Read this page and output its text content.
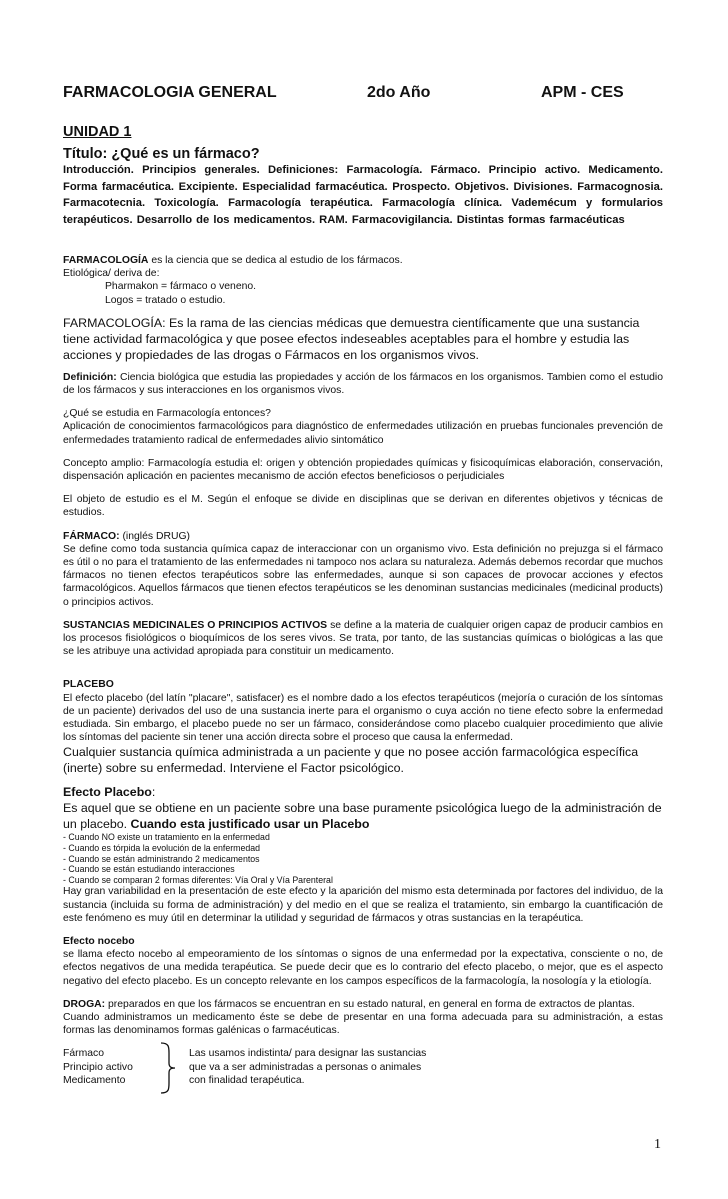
FARMACOLOGIA GENERAL	2do Año	APM - CES
UNIDAD 1
Título: ¿Qué es un fármaco?

Introducción. Principios generales. Definiciones: Farmacología. Fármaco. Principio activo. Medicamento. Forma farmacéutica. Excipiente. Especialidad farmacéutica. Prospecto. Objetivos. Divisiones. Farmacognosia. Farmacotecnia. Toxicología. Farmacología terapéutica. Farmacología clínica. Vademécum y formularios terapéuticos. Desarrollo de los medicamentos. RAM. Farmacovigilancia. Distintas formas farmacéuticas

FARMACOLOGÍA es la ciencia que se dedica al estudio de los fármacos.

Etiológica/ deriva de:

Pharmakon = fármaco o veneno.

Logos = tratado o estudio.

FARMACOLOGÍA: Es la rama de las ciencias médicas que demuestra científicamente que una sustancia tiene actividad farmacológica y que posee efectos indeseables aceptables para el hombre y estudia las acciones y propiedades de las drogas o Fármacos en los organismos vivos.

Definición: Ciencia biológica que estudia las propiedades y acción de los fármacos en los organismos. Tambien como el estudio de los fármacos y sus interacciones en los organismos vivos.

¿Qué se estudia en Farmacología entonces?

Aplicación de conocimientos farmacológicos para diagnóstico de enfermedades utilización en pruebas funcionales prevención de enfermedades tratamiento radical de enfermedades alivio sintomático

Concepto amplio: Farmacología estudia el: origen y obtención propiedades químicas y fisicoquímicas elaboración, conservación, dispensación aplicación en pacientes mecanismo de acción efectos beneficiosos o perjudiciales

El objeto de estudio es el M. Según el enfoque se divide en disciplinas que se derivan en diferentes objetivos y técnicas de estudios.

FÁRMACO: (inglés DRUG)

Se define como toda sustancia química capaz de interaccionar con un organismo vivo. Esta definición no prejuzga si el fármaco es útil o no para el tratamiento de las enfermedades ni tampoco nos aclara su naturaleza. Además debemos recordar que muchos fármacos no tienen efectos terapéuticos sobre las enfermedades, aunque si son capaces de provocar acciones y efectos farmacológicos. Aquellos fármacos que tienen efectos terapéuticos se les denominan sustancias medicinales (medicinal products) o principios activos.

SUSTANCIAS MEDICINALES O PRINCIPIOS ACTIVOS se define a la materia de cualquier origen capaz de producir cambios en los procesos fisiológicos o bioquímicos de los seres vivos. Se trata, por tanto, de las sustancias químicas o biológicas a las que se les atribuye una actividad apropiada para constituir un medicamento.

PLACEBO

El efecto placebo (del latín "placare", satisfacer) es el nombre dado a los efectos terapéuticos (mejoría o curación de los síntomas de un paciente) derivados del uso de una sustancia inerte para el organismo o cuya acción no tiene efecto sobre la enfermedad estudiada. Sin embargo, el placebo puede no ser un fármaco, considerándose como placebo cualquier procedimiento que alivie los síntomas del paciente sin tener una acción directa sobre el proceso que causa la enfermedad.

Cualquier sustancia química administrada a un paciente y que no posee acción farmacológica específica (inerte) sobre su enfermedad. Interviene el Factor psicológico.

Efecto Placebo:

Es aquel que se obtiene en un paciente sobre una base puramente psicológica luego de la administración de un placebo. Cuando esta justificado usar un Placebo

- Cuando NO existe un tratamiento en la enfermedad

- Cuando es tórpida la evolución de la enfermedad

- Cuando se están administrando 2 medicamentos

- Cuando se están estudiando interacciones

- Cuando se comparan 2 formas diferentes: Vía Oral y Vía Parenteral

Hay gran variabilidad en la presentación de este efecto y la aparición del mismo esta determinada por factores del individuo, de la sustancia (incluida su forma de administración) y del medio en el que se realiza el tratamiento, sin embargo la cuantificación de este fenómeno es muy útil en determinar la utilidad y seguridad de fármacos y otras sustancias en la terapéutica.

Efecto nocebo

se llama efecto nocebo al empeoramiento de los síntomas o signos de una enfermedad por la expectativa, consciente o no, de efectos negativos de una medida terapéutica. Se puede decir que es lo contrario del efecto placebo, o mejor, que es el aspecto negativo del efecto placebo. Es un concepto relevante en los campos específicos de la farmacología, la nosología y la etiología.

DROGA: preparados en que los fármacos se encuentran en su estado natural, en general en forma de extractos de plantas.

Cuando administramos un medicamento éste se debe de presentar en una forma adecuada para su administración, a estas formas las denominamos formas galénicas o farmacéuticas.

Fármaco
Principio activo
Medicamento
Las usamos indistinta/ para designar las sustancias
que va a ser administradas a personas o animales
con finalidad terapéutica.
1
